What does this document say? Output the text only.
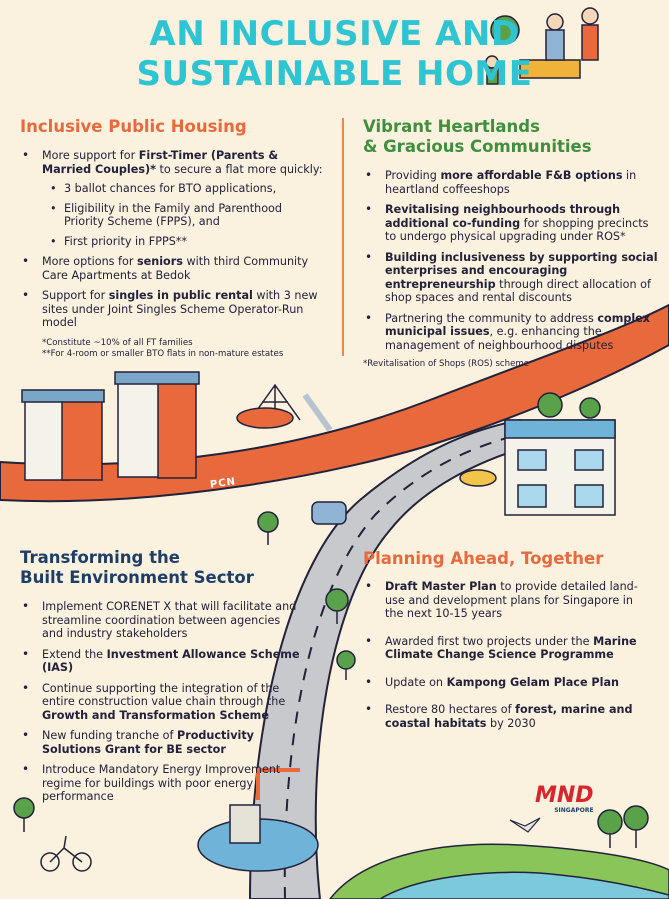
AN INCLUSIVE AND
SUSTAINABLE HOME
Inclusive Public Housing
• More support for First-Timer (Parents & Married Couples)* to secure a flat more quickly:
• 3 ballot chances for BTO applications,
• Eligibility in the Family and Parenthood Priority Scheme (FPPS), and
• First priority in FPPS**
• More options for seniors with third Community Care Apartments at Bedok
• Support for singles in public rental with 3 new sites under Joint Singles Scheme Operator-Run model
*Constitute ~10% of all FT families
**For 4-room or smaller BTO flats in non-mature estates
Vibrant Heartlands
& Gracious Communities
• Providing more affordable F&B options in heartland coffeeshops
• Revitalising neighbourhoods through additional co-funding for shopping precincts to undergo physical upgrading under ROS*
• Building inclusiveness by supporting social enterprises and encouraging entrepreneurship through direct allocation of shop spaces and rental discounts
• Partnering the community to address complex municipal issues, e.g. enhancing the management of neighbourhood disputes
*Revitalisation of Shops (ROS) scheme
PCN
Transforming the
Built Environment Sector
• Implement CORENET X that will facilitate and streamline coordination between agencies and industry stakeholders
• Extend the Investment Allowance Scheme (IAS)
• Continue supporting the integration of the entire construction value chain through the Growth and Transformation Scheme
• New funding tranche of Productivity Solutions Grant for BE sector
• Introduce Mandatory Energy Improvement regime for buildings with poor energy performance
Planning Ahead, Together
• Draft Master Plan to provide detailed land-use and development plans for Singapore in the next 10-15 years
• Awarded first two projects under the Marine Climate Change Science Programme
• Update on Kampong Gelam Place Plan
• Restore 80 hectares of forest, marine and coastal habitats by 2030
MND
SINGAPORE
